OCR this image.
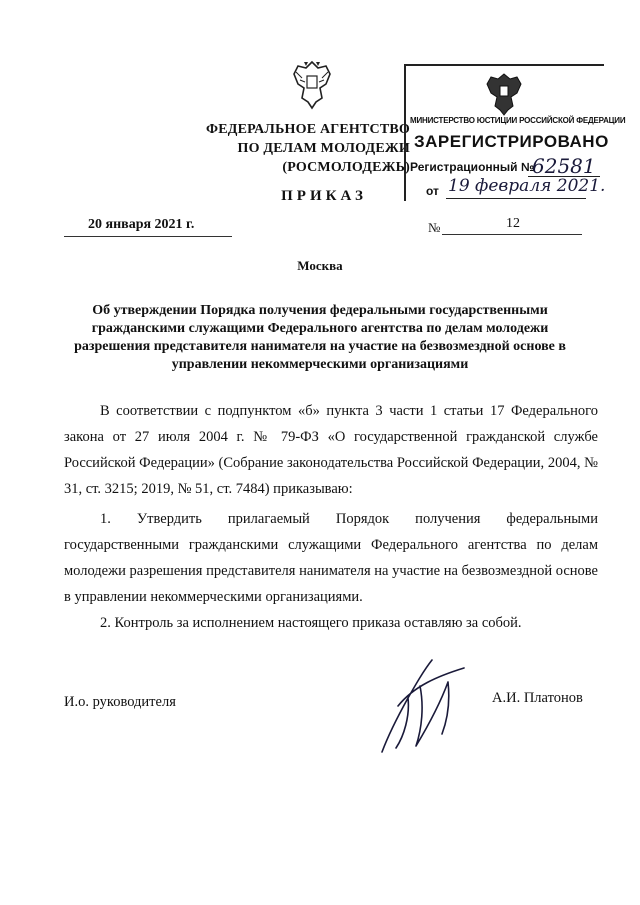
ФЕДЕРАЛЬНОЕ АГЕНТСТВО
ПО ДЕЛАМ МОЛОДЕЖИ
(РОСМОЛОДЕЖЬ)
ПРИКАЗ
МИНИСТЕРСТВО ЮСТИЦИИ РОССИЙСКОЙ ФЕДЕРАЦИИ
ЗАРЕГИСТРИРОВАНО
Регистрационный №
62581
от 19 февраля 2021.
20 января 2021 г.	№	12
Москва
Об утверждении Порядка получения федеральными государственными гражданскими служащими Федерального агентства по делам молодежи разрешения представителя нанимателя на участие на безвозмездной основе в управлении некоммерческими организациями
В соответствии с подпунктом «б» пункта 3 части 1 статьи 17 Федерального закона от 27 июля 2004 г. № 79-ФЗ «О государственной гражданской службе Российской Федерации» (Собрание законодательства Российской Федерации, 2004, № 31, ст. 3215; 2019, № 51, ст. 7484) приказываю:
1. Утвердить прилагаемый Порядок получения федеральными государственными гражданскими служащими Федерального агентства по делам молодежи разрешения представителя нанимателя на участие на безвозмездной основе в управлении некоммерческими организациями.
2. Контроль за исполнением настоящего приказа оставляю за собой.
И.о. руководителя	А.И. Платонов
